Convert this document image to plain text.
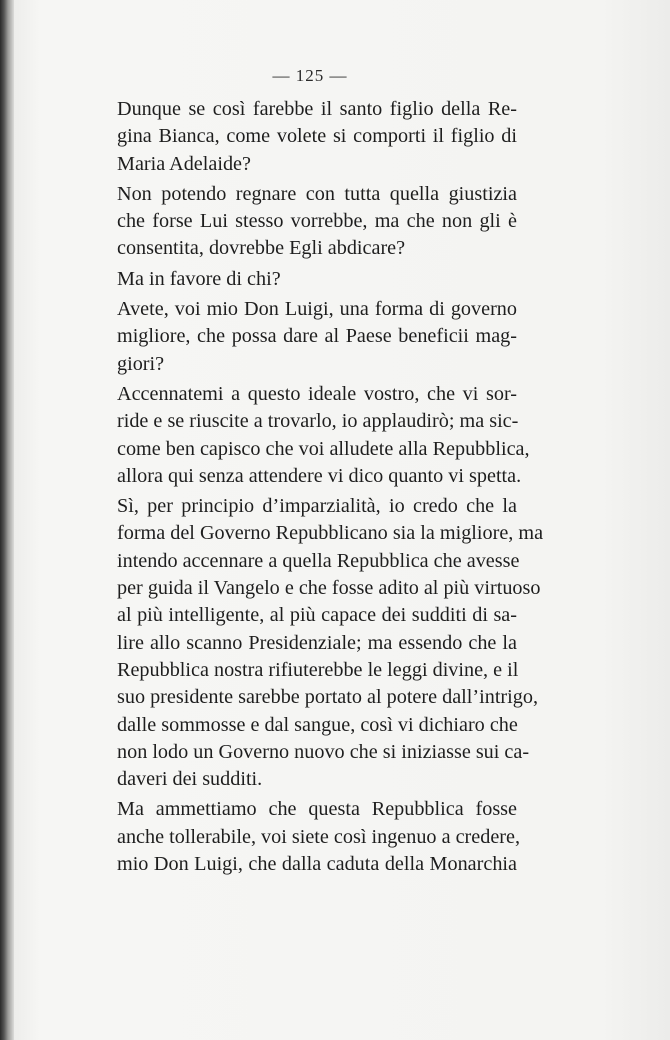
— 125 —
Dunque se così farebbe il santo figlio della Re-
gina Bianca, come volete si comporti il figlio di
Maria Adelaide?
Non potendo regnare con tutta quella giustizia
che forse Lui stesso vorrebbe, ma che non gli è
consentita, dovrebbe Egli abdicare?
Ma in favore di chi?
Avete, voi mio Don Luigi, una forma di governo
migliore, che possa dare al Paese beneficii mag-
giori?
Accennatemi a questo ideale vostro, che vi sor-
ride e se riuscite a trovarlo, io applaudirò; ma sic-
come ben capisco che voi alludete alla Repubblica,
allora qui senza attendere vi dico quanto vi spetta.
Sì, per principio d’imparzialità, io credo che la
forma del Governo Repubblicano sia la migliore, ma
intendo accennare a quella Repubblica che avesse
per guida il Vangelo e che fosse adito al più virtuoso
al più intelligente, al più capace dei sudditi di sa-
lire allo scanno Presidenziale; ma essendo che la
Repubblica nostra rifiuterebbe le leggi divine, e il
suo presidente sarebbe portato al potere dall’intrigo,
dalle sommosse e dal sangue, così vi dichiaro che
non lodo un Governo nuovo che si iniziasse sui ca-
daveri dei sudditi.
Ma ammettiamo che questa Repubblica fosse
anche tollerabile, voi siete così ingenuo a credere,
mio Don Luigi, che dalla caduta della Monarchia
